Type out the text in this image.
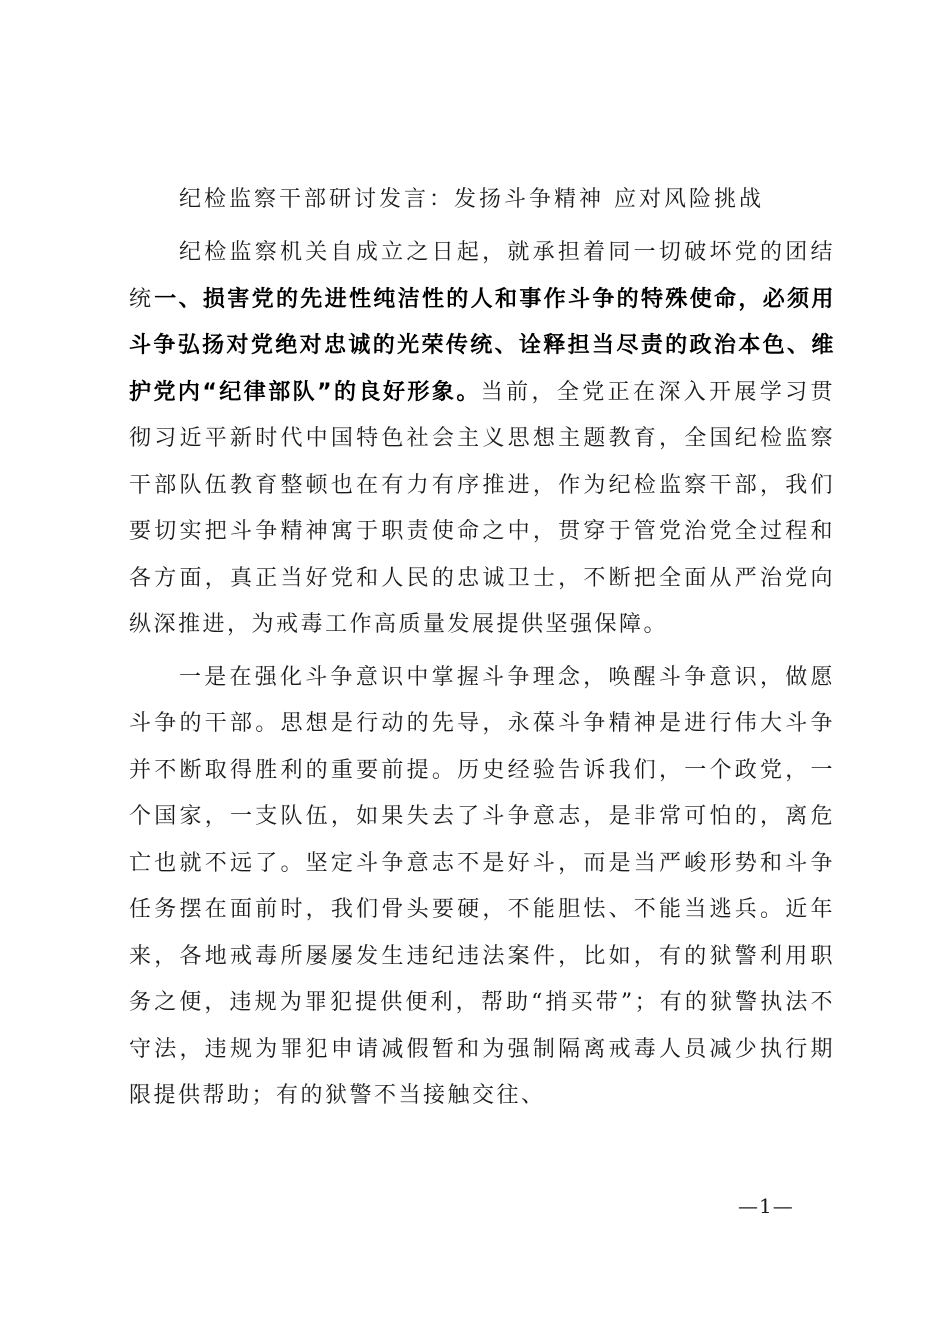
纪检监察干部研讨发言：发扬斗争精神 应对风险挑战

纪检监察机关自成立之日起，就承担着同一切破坏党的团结统一、损害党的先进性纯洁性的人和事作斗争的特殊使命，必须用斗争弘扬对党绝对忠诚的光荣传统、诠释担当尽责的政治本色、维护党内“纪律部队”的良好形象。当前，全党正在深入开展学习贯彻习近平新时代中国特色社会主义思想主题教育，全国纪检监察干部队伍教育整顿也在有力有序推进，作为纪检监察干部，我们要切实把斗争精神寓于职责使命之中，贯穿于管党治党全过程和各方面，真正当好党和人民的忠诚卫士，不断把全面从严治党向纵深推进，为戒毒工作高质量发展提供坚强保障。

一是在强化斗争意识中掌握斗争理念，唤醒斗争意识，做愿斗争的干部。思想是行动的先导，永葆斗争精神是进行伟大斗争并不断取得胜利的重要前提。历史经验告诉我们，一个政党，一个国家，一支队伍，如果失去了斗争意志，是非常可怕的，离危亡也就不远了。坚定斗争意志不是好斗，而是当严峻形势和斗争任务摆在面前时，我们骨头要硬，不能胆怯、不能当逃兵。近年来，各地戒毒所屡屡发生违纪违法案件，比如，有的狱警利用职务之便，违规为罪犯提供便利，帮助“捎买带”；有的狱警执法不守法，违规为罪犯申请减假暂和为强制隔离戒毒人员减少执行期限提供帮助；有的狱警不当接触交往、

—1—
